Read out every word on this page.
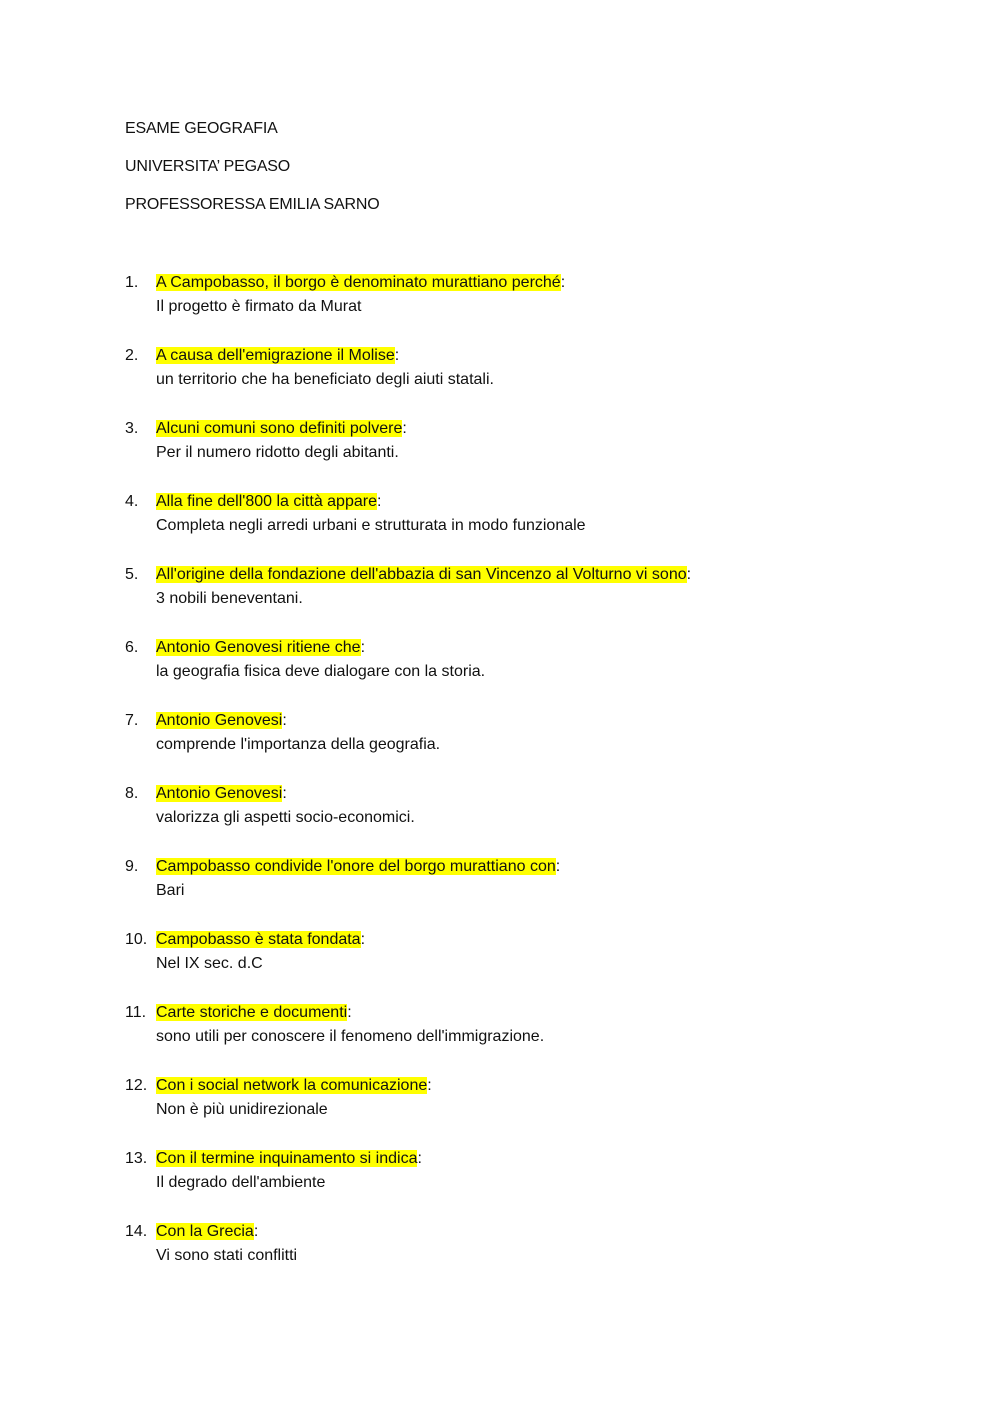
ESAME GEOGRAFIA
UNIVERSITA’ PEGASO
PROFESSORESSA EMILIA SARNO
1.	A Campobasso, il borgo è denominato murattiano perché:
Il progetto è firmato da Murat
2.	A causa dell'emigrazione il Molise:
un territorio che ha beneficiato degli aiuti statali.
3.	Alcuni comuni sono definiti polvere:
Per il numero ridotto degli abitanti.
4.	Alla fine dell'800 la città appare:
Completa negli arredi urbani e strutturata in modo funzionale
5.	All'origine della fondazione dell'abbazia di san Vincenzo al Volturno vi sono:
3 nobili beneventani.
6.	Antonio Genovesi ritiene che:
la geografia fisica deve dialogare con la storia.
7.	Antonio Genovesi:
comprende l'importanza della geografia.
8.	Antonio Genovesi:
valorizza gli aspetti socio-economici.
9.	Campobasso condivide l'onore del borgo murattiano con:
Bari
10. Campobasso è stata fondata:
Nel IX sec. d.C
11. Carte storiche e documenti:
sono utili per conoscere il fenomeno dell'immigrazione.
12. Con i social network la comunicazione:
Non è più unidirezionale
13. Con il termine inquinamento si indica:
Il degrado dell'ambiente
14. Con la Grecia:
Vi sono stati conflitti
